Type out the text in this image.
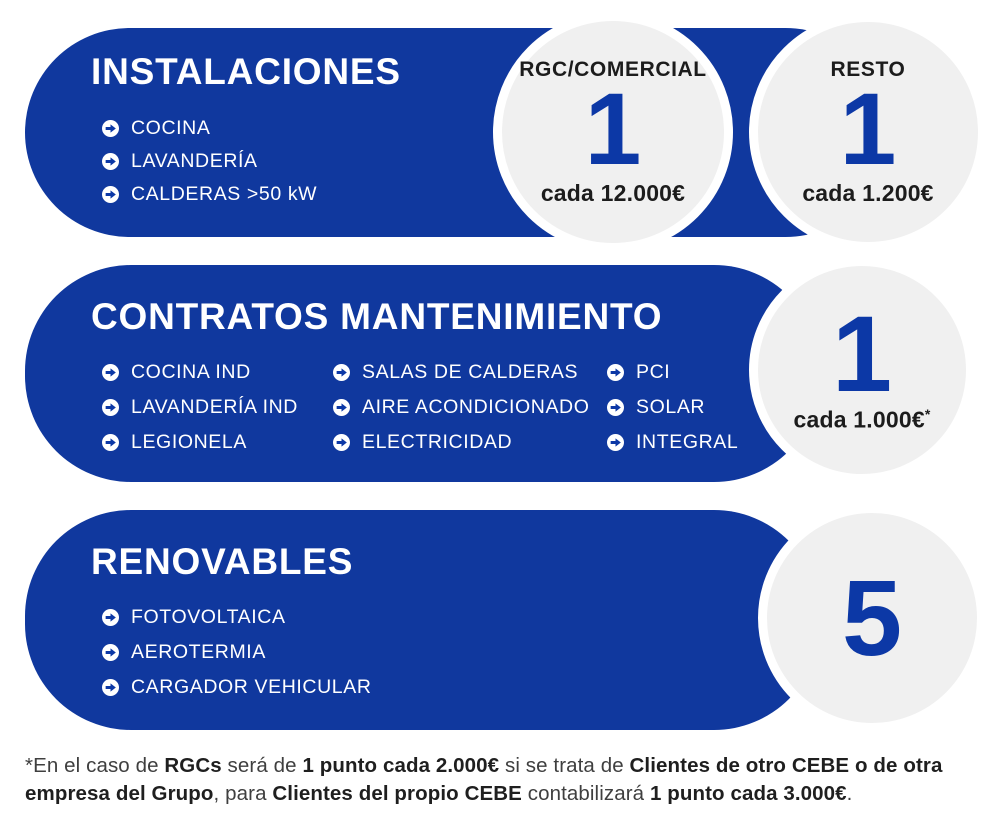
INSTALACIONES
COCINA
LAVANDERÍA
CALDERAS >50 kW
RGC/COMERCIAL
1
cada 12.000€
RESTO
1
cada 1.200€
CONTRATOS MANTENIMIENTO
COCINA IND
LAVANDERÍA IND
LEGIONELA
SALAS DE CALDERAS
AIRE ACONDICIONADO
ELECTRICIDAD
PCI
SOLAR
INTEGRAL
1
cada 1.000€*
RENOVABLES
FOTOVOLTAICA
AEROTERMIA
CARGADOR VEHICULAR
5
*En el caso de RGCs será de 1 punto cada 2.000€ si se trata de Clientes de otro CEBE o de otra empresa del Grupo, para Clientes del propio CEBE contabilizará 1 punto cada 3.000€.
